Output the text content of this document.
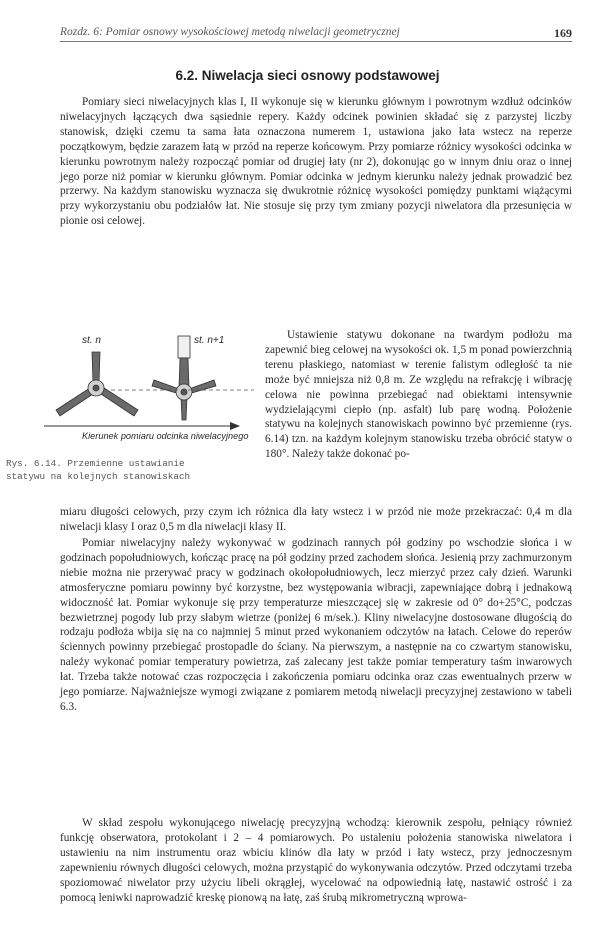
Rozdz. 6: Pomiar osnowy wysokościowej metodą niwelacji geometrycznej	169
6.2. Niwelacja sieci osnowy podstawowej

Pomiary sieci niwelacyjnych klas I, II wykonuje się w kierunku głównym i powrotnym wzdłuż odcinków niwelacyjnych łączących dwa sąsiednie repery. Każdy odcinek powinien składać się z parzystej liczby stanowisk, dzięki czemu ta sama łata oznaczona numerem 1, ustawiona jako łata wstecz na reperze początkowym, będzie zarazem łatą w przód na reperze końcowym. Przy pomiarze różnicy wysokości odcinka w kierunku powrotnym należy rozpocząć pomiar od drugiej łaty (nr 2), dokonując go w innym dniu oraz o innej jego porze niż pomiar w kierunku głównym. Pomiar odcinka w jednym kierunku należy jednak prowadzić bez przerwy. Na każdym stanowisku wyznacza się dwukrotnie różnicę wysokości pomiędzy punktami wiążącymi przy wykorzystaniu obu podziałów łat. Nie stosuje się przy tym zmiany pozycji niwelatora dla przesunięcia w pionie osi celowej.

st. n	st. n+1
Kierunek pomiaru odcinka niwelacyjnego
Rys. 6.14. Przemienne ustawianie
statywu na kolejnych stanowiskach

Ustawienie statywu dokonane na twardym podłożu ma zapewnić bieg celowej na wysokości ok. 1,5 m ponad powierzchnią terenu płaskiego, natomiast w terenie falistym odległość ta nie może być mniejsza niż 0,8 m. Ze względu na refrakcję i wibrację celowa nie powinna przebiegać nad obiektami intensywnie wydzielającymi ciepło (np. asfalt) lub parę wodną. Położenie statywu na kolejnych stanowiskach powinno być przemienne (rys. 6.14) tzn. na każdym kolejnym stanowisku trzeba obrócić statyw o 180°. Należy także dokonać po-

miaru długości celowych, przy czym ich różnica dla łaty wstecz i w przód nie może przekraczać: 0,4 m dla niwelacji klasy I oraz 0,5 m dla niwelacji klasy II.

Pomiar niwelacyjny należy wykonywać w godzinach rannych pół godziny po wschodzie słońca i w godzinach popołudniowych, kończąc pracę na pół godziny przed zachodem słońca. Jesienią przy zachmurzonym niebie można nie przerywać pracy w godzinach okołopołudniowych, lecz mierzyć przez cały dzień. Warunki atmosferyczne pomiaru powinny być korzystne, bez występowania wibracji, zapewniające dobrą i jednakową widoczność łat. Pomiar wykonuje się przy temperaturze mieszczącej się w zakresie od 0° do+25°C, podczas bezwietrznej pogody lub przy słabym wietrze (poniżej 6 m/sek.). Kliny niwelacyjne dostosowane długością do rodzaju podłoża wbija się na co najmniej 5 minut przed wykonaniem odczytów na łatach. Celowe do reperów ściennych powinny przebiegać prostopadle do ściany. Na pierwszym, a następnie na co czwartym stanowisku, należy wykonać pomiar temperatury powietrza, zaś zalecany jest także pomiar temperatury taśm inwarowych łat. Trzeba także notować czas rozpoczęcia i zakończenia pomiaru odcinka oraz czas ewentualnych przerw w jego pomiarze. Najważniejsze wymogi związane z pomiarem metodą niwelacji precyzyjnej zestawiono w tabeli 6.3.

W skład zespołu wykonującego niwelację precyzyjną wchodzą: kierownik zespołu, pełniący również funkcję obserwatora, protokolant i 2 – 4 pomiarowych. Po ustaleniu położenia stanowiska niwelatora i ustawieniu na nim instrumentu oraz wbiciu klinów dla łaty w przód i łaty wstecz, przy jednoczesnym zapewnieniu równych długości celowych, można przystąpić do wykonywania odczytów. Przed odczytami trzeba spoziomować niwelator przy użyciu libeli okrągłej, wycelować na odpowiednią łatę, nastawić ostrość i za pomocą leniwki naprowadzić kreskę pionową na łatę, zaś śrubą mikrometryczną wprowa-
